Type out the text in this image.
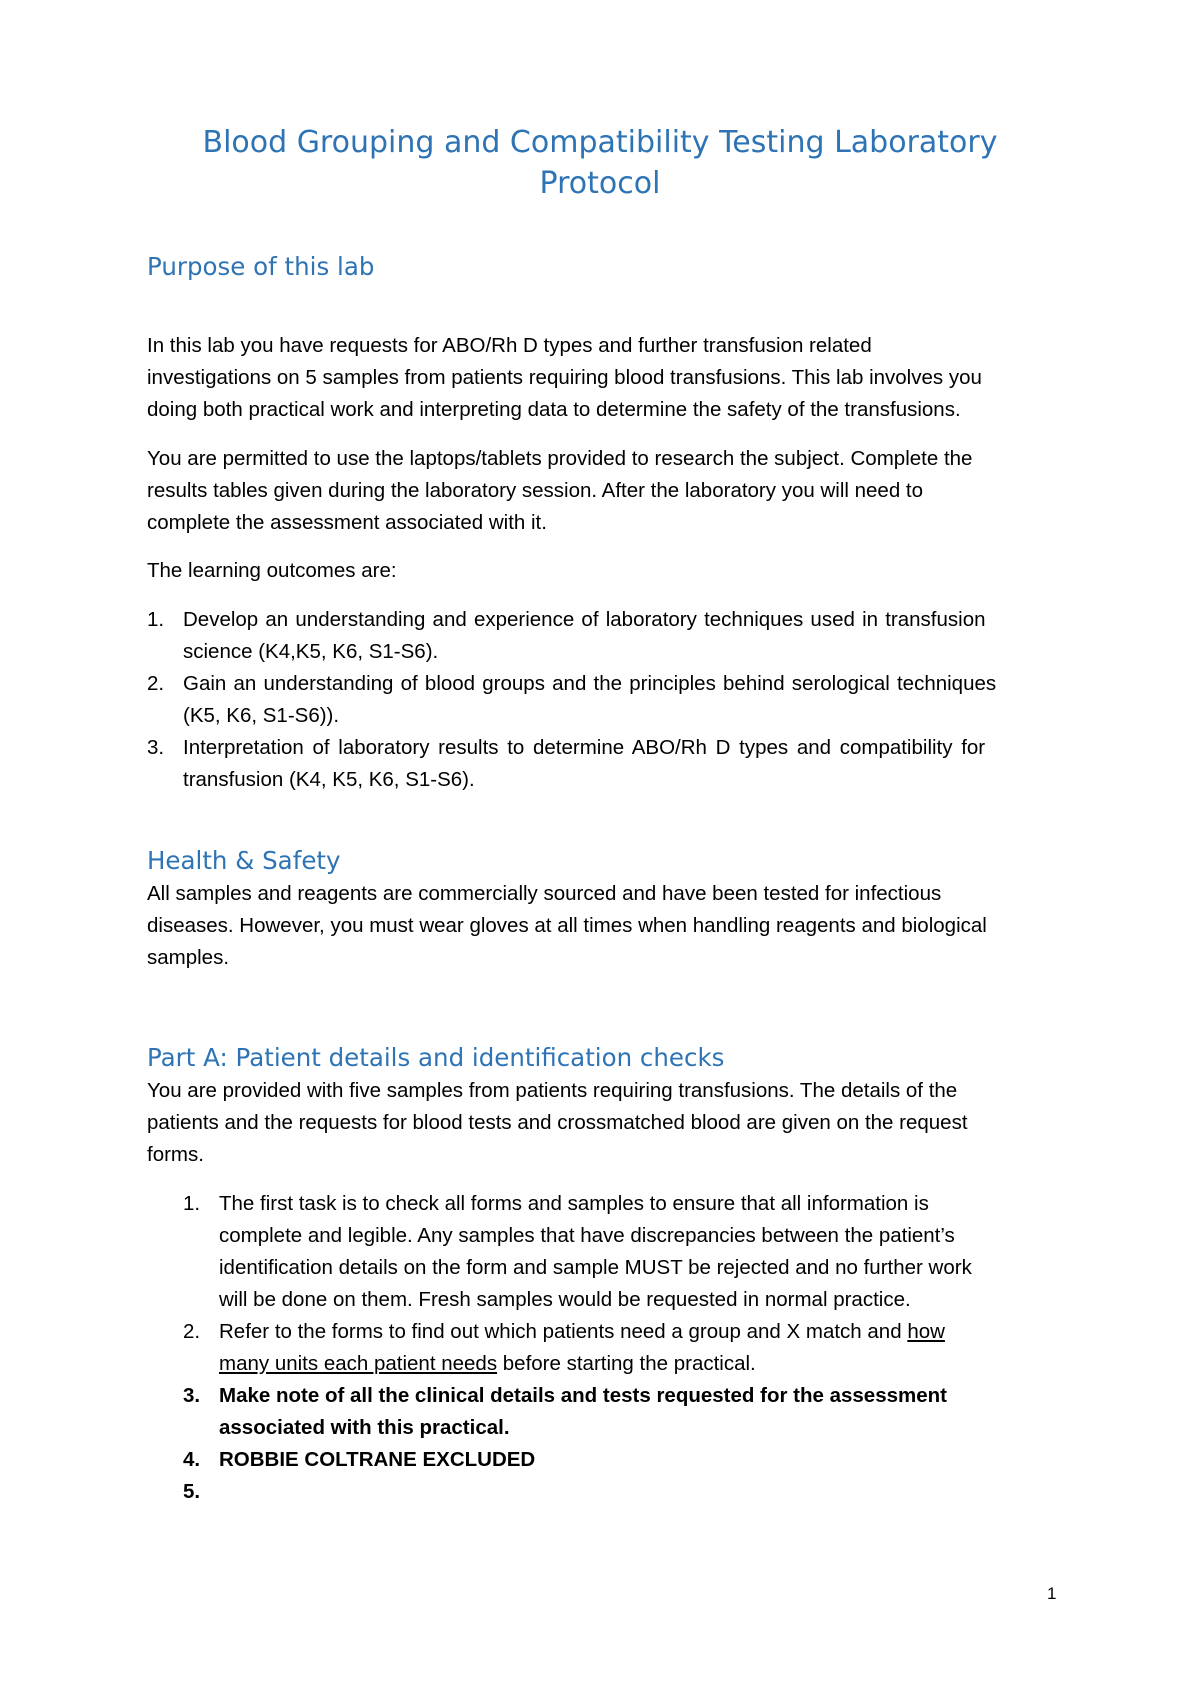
Blood Grouping and Compatibility Testing Laboratory
Protocol
Purpose of this lab
In this lab you have requests for ABO/Rh D types and further transfusion related
investigations on 5 samples from patients requiring blood transfusions. This lab involves you
doing both practical work and interpreting data to determine the safety of the transfusions.
You are permitted to use the laptops/tablets provided to research the subject. Complete the
results tables given during the laboratory session. After the laboratory you will need to
complete the assessment associated with it.
The learning outcomes are:
1. Develop an understanding and experience of laboratory techniques used in transfusion
science (K4,K5, K6, S1-S6).
2. Gain an understanding of blood groups and the principles behind serological techniques
(K5, K6, S1-S6)).
3. Interpretation of laboratory results to determine ABO/Rh D types and compatibility for
transfusion (K4, K5, K6, S1-S6).
Health & Safety
All samples and reagents are commercially sourced and have been tested for infectious
diseases. However, you must wear gloves at all times when handling reagents and biological
samples.
Part A: Patient details and identification checks
You are provided with five samples from patients requiring transfusions. The details of the
patients and the requests for blood tests and crossmatched blood are given on the request
forms.
1. The first task is to check all forms and samples to ensure that all information is
complete and legible. Any samples that have discrepancies between the patient’s
identification details on the form and sample MUST be rejected and no further work
will be done on them. Fresh samples would be requested in normal practice.
2. Refer to the forms to find out which patients need a group and X match and how
many units each patient needs before starting the practical.
3. Make note of all the clinical details and tests requested for the assessment
associated with this practical.
4. ROBBIE COLTRANE EXCLUDED
5.

1
